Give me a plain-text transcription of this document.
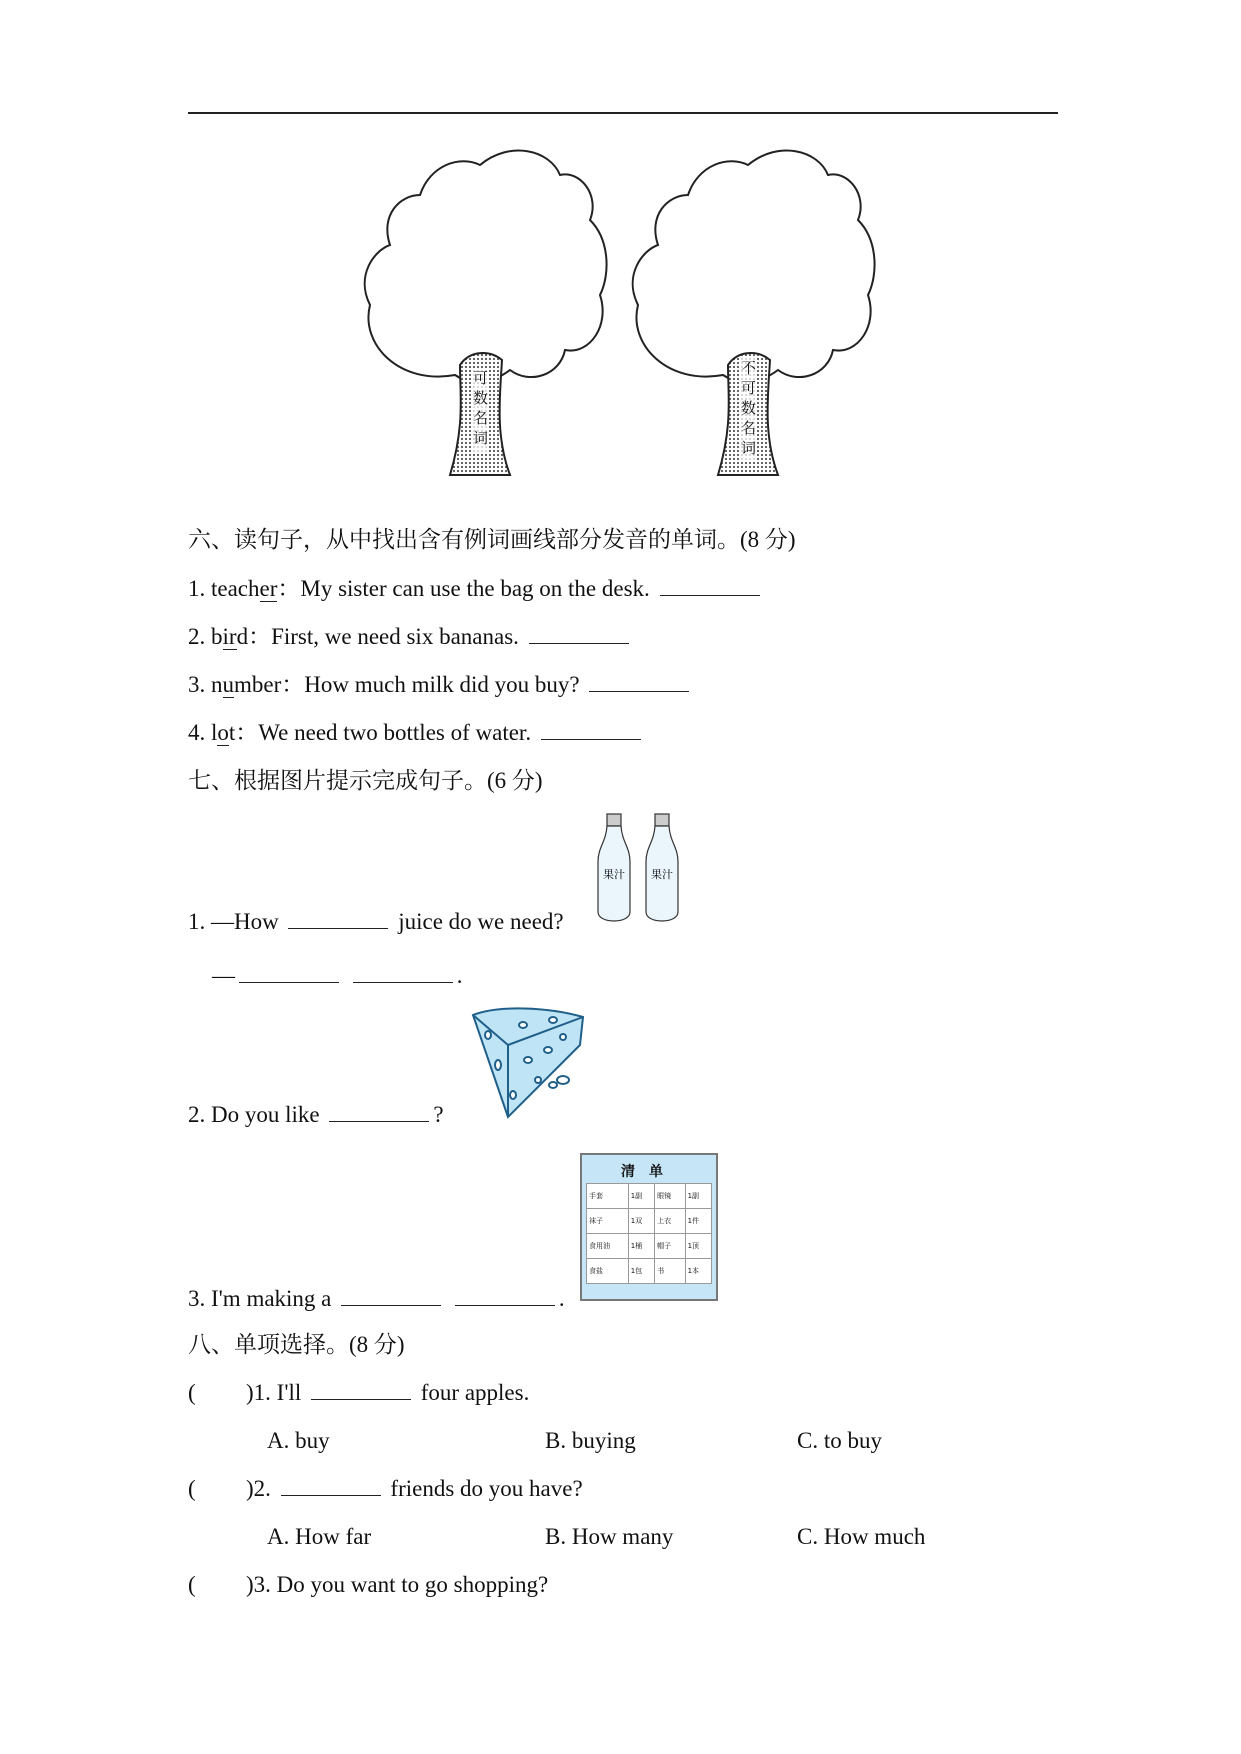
可数名词	不可数名词
六、读句子，从中找出含有例词画线部分发音的单词。(8 分)
1. teacher：My sister can use the bag on the desk.
2. bird：First, we need six bananas.
3. number：How much milk did you buy?
4. lot：We need two bottles of water.
七、根据图片提示完成句子。(6 分)
果汁 果汁
1. —How	juice do we need?
—	.
2. Do you like	?
清单
手套	1副	眼镜	1副
袜子	1双	上衣	1件
食用油	1桶	帽子	1顶
食盐	1包	书	1本
3. I'm making a	.
八、单项选择。(8 分)
( )1. I'll	four apples.
A. buy	B. buying	C. to buy
( )2.	friends do you have?
A. How far	B. How many	C. How much
( )3. Do you want to go shopping?
